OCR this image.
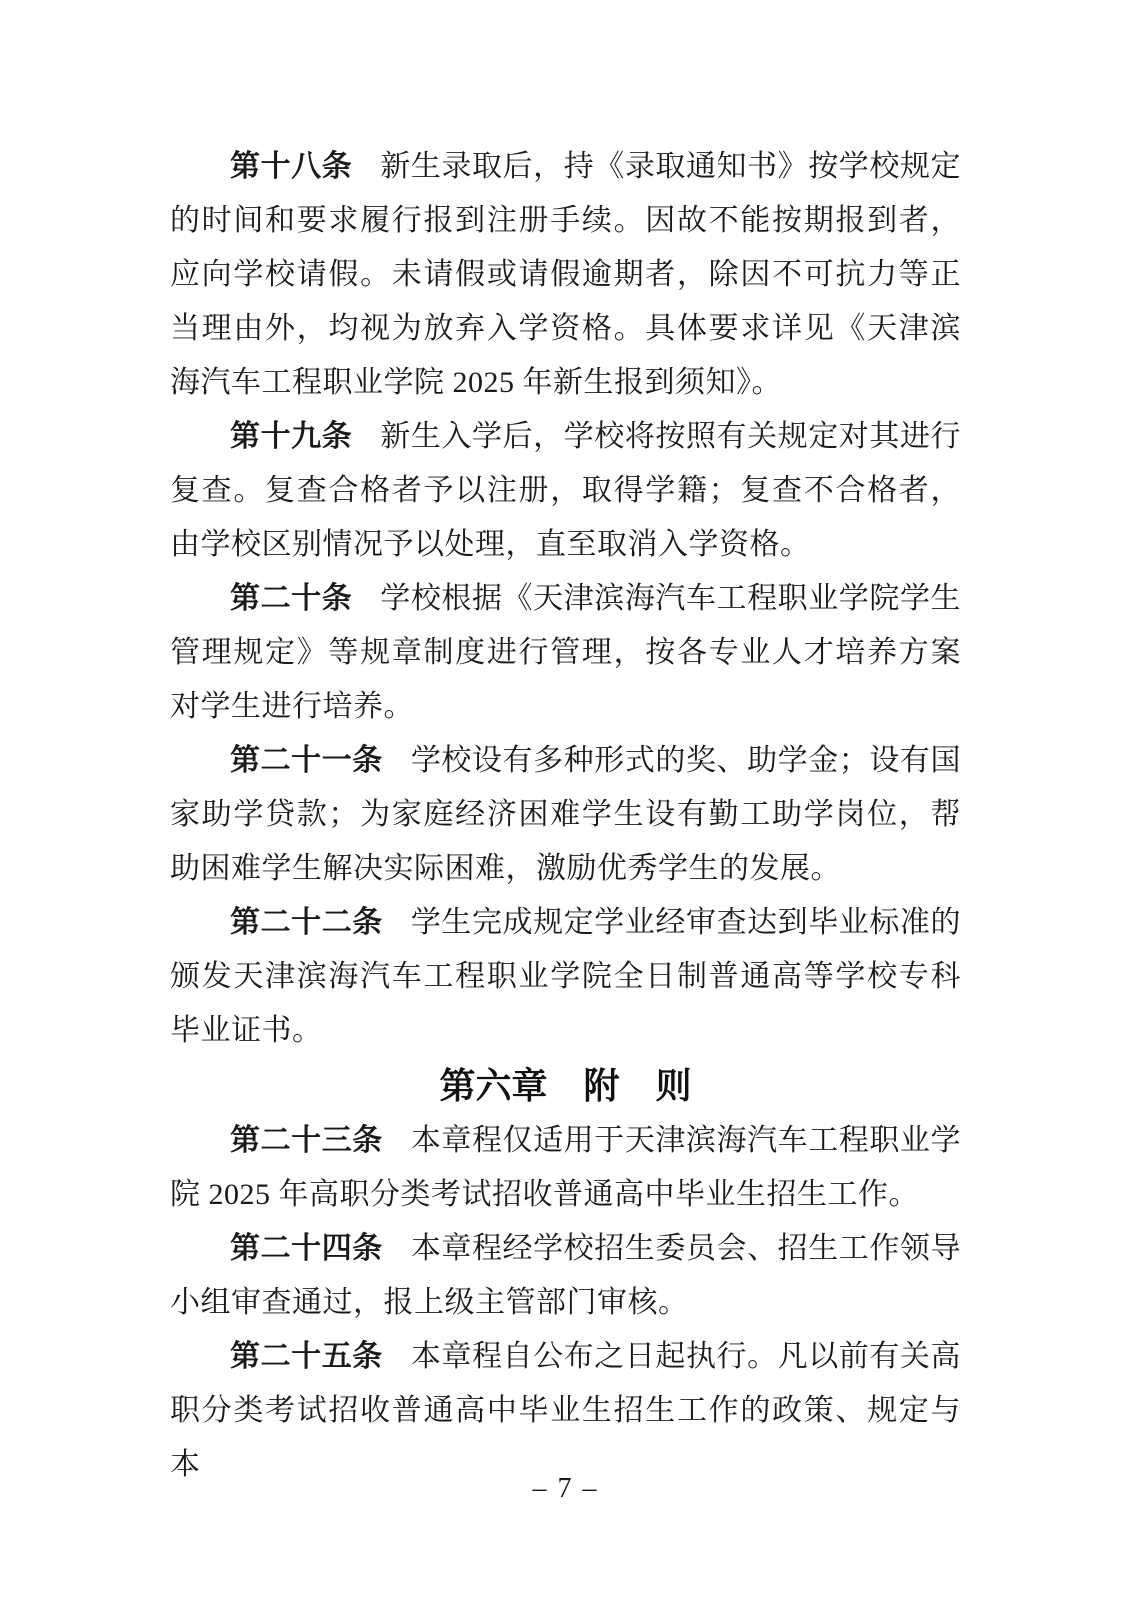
第十八条 新生录取后，持《录取通知书》按学校规定的时间和要求履行报到注册手续。因故不能按期报到者，应向学校请假。未请假或请假逾期者，除因不可抗力等正当理由外，均视为放弃入学资格。具体要求详见《天津滨海汽车工程职业学院 2025 年新生报到须知》。

第十九条 新生入学后，学校将按照有关规定对其进行复查。复查合格者予以注册，取得学籍；复查不合格者，由学校区别情况予以处理，直至取消入学资格。

第二十条 学校根据《天津滨海汽车工程职业学院学生管理规定》等规章制度进行管理，按各专业人才培养方案对学生进行培养。

第二十一条 学校设有多种形式的奖、助学金；设有国家助学贷款；为家庭经济困难学生设有勤工助学岗位，帮助困难学生解决实际困难，激励优秀学生的发展。

第二十二条 学生完成规定学业经审查达到毕业标准的颁发天津滨海汽车工程职业学院全日制普通高等学校专科毕业证书。

第六章　附　则

第二十三条 本章程仅适用于天津滨海汽车工程职业学院 2025 年高职分类考试招收普通高中毕业生招生工作。

第二十四条 本章程经学校招生委员会、招生工作领导小组审查通过，报上级主管部门审核。

第二十五条 本章程自公布之日起执行。凡以前有关高职分类考试招收普通高中毕业生招生工作的政策、规定与本

– 7 –
